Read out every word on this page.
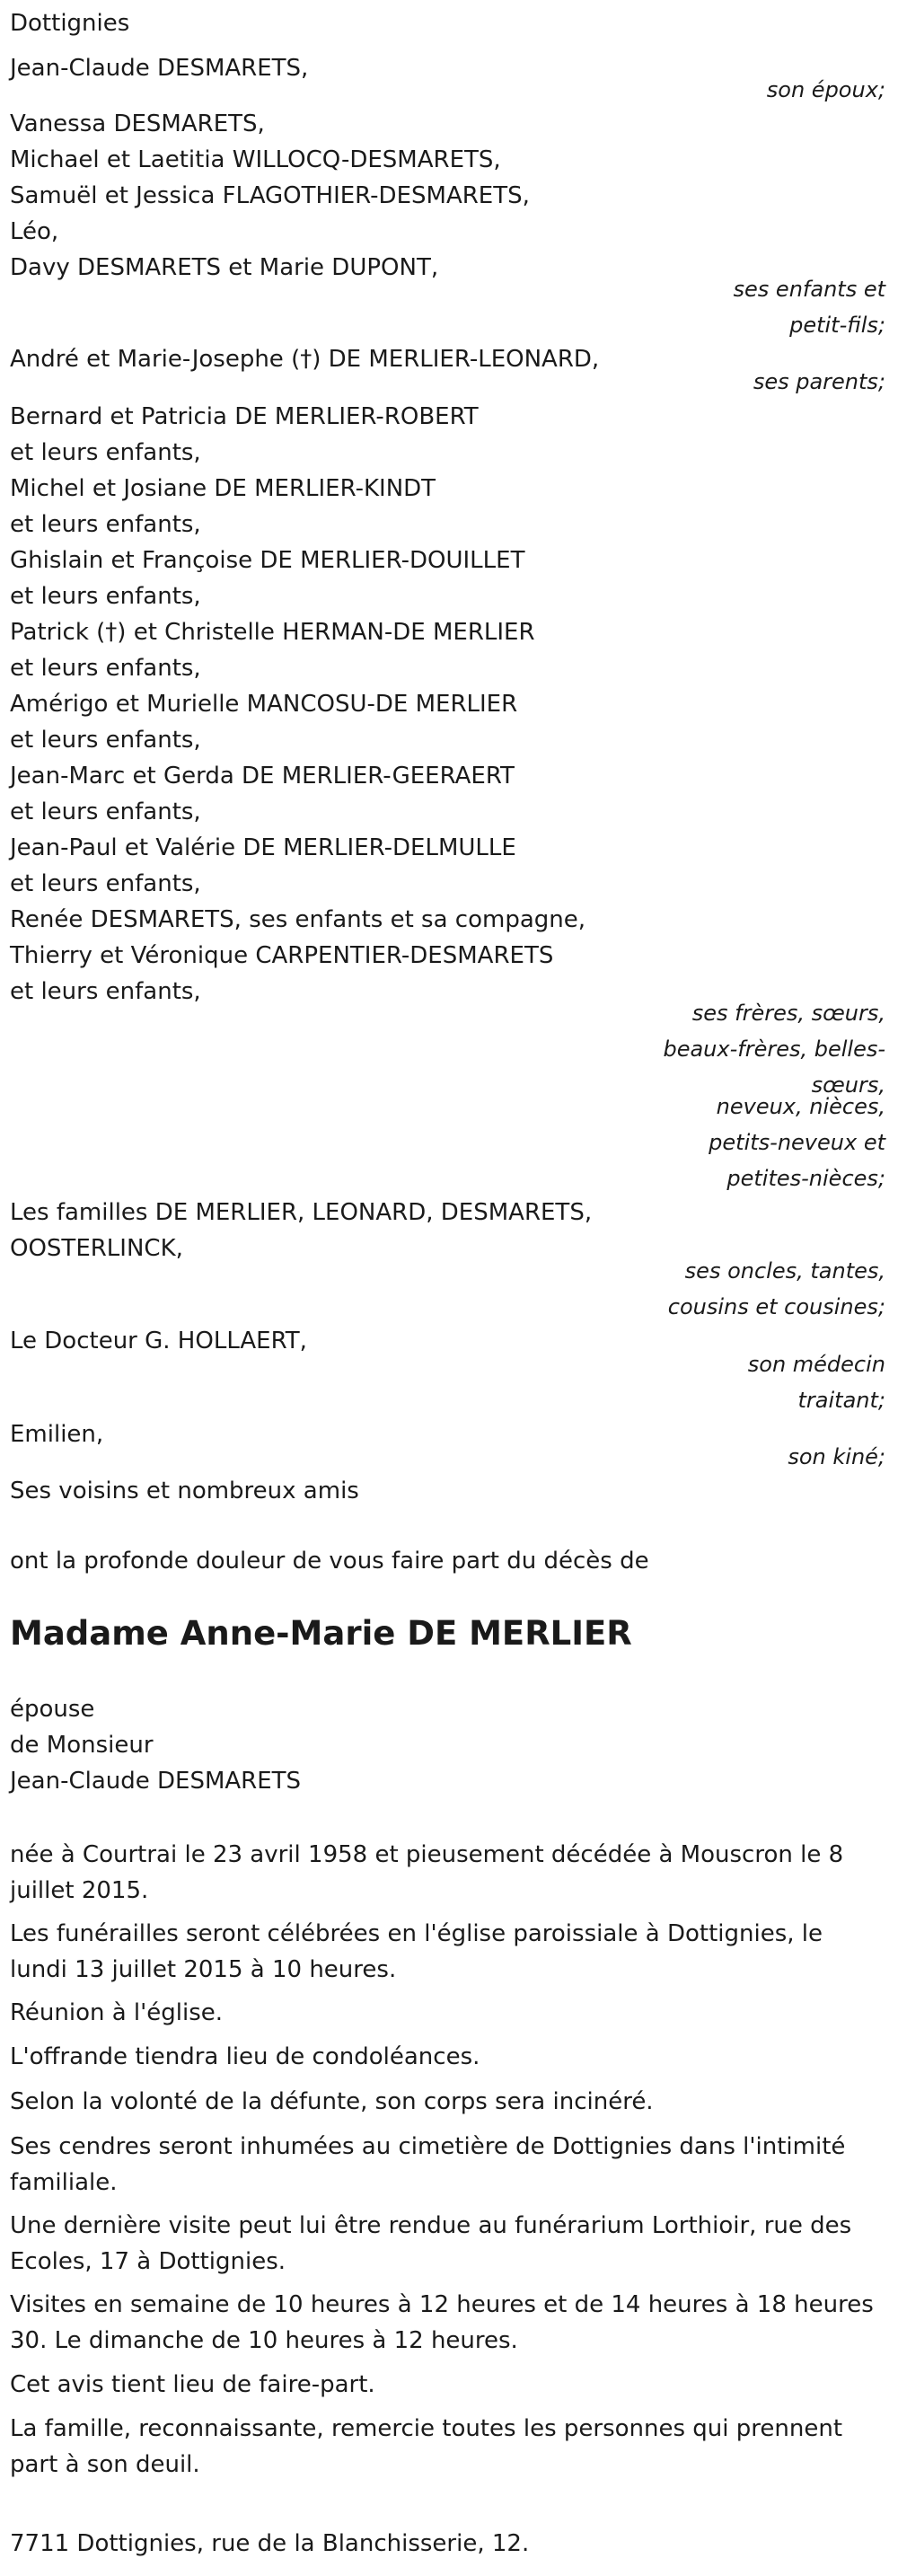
Dottignies
Jean-Claude DESMARETS,
son époux;
Vanessa DESMARETS,
Michael et Laetitia WILLOCQ-DESMARETS,
Samuël et Jessica FLAGOTHIER-DESMARETS,
Léo,
Davy DESMARETS et Marie DUPONT,
ses enfants et
petit-fils;
André et Marie-Josephe (†) DE MERLIER-LEONARD,
ses parents;
Bernard et Patricia DE MERLIER-ROBERT
et leurs enfants,
Michel et Josiane DE MERLIER-KINDT
et leurs enfants,
Ghislain et Françoise DE MERLIER-DOUILLET
et leurs enfants,
Patrick (†) et Christelle HERMAN-DE MERLIER
et leurs enfants,
Amérigo et Murielle MANCOSU-DE MERLIER
et leurs enfants,
Jean-Marc et Gerda DE MERLIER-GEERAERT
et leurs enfants,
Jean-Paul et Valérie DE MERLIER-DELMULLE
et leurs enfants,
Renée DESMARETS, ses enfants et sa compagne,
Thierry et Véronique CARPENTIER-DESMARETS
et leurs enfants,
ses frères, sœurs,
beaux-frères, belles-
sœurs,
neveux, nièces,
petits-neveux et
petites-nièces;
Les familles DE MERLIER, LEONARD, DESMARETS,
OOSTERLINCK,
ses oncles, tantes,
cousins et cousines;
Le Docteur G. HOLLAERT,
son médecin
traitant;
Emilien,
son kiné;
Ses voisins et nombreux amis
ont la profonde douleur de vous faire part du décès de
Madame Anne-Marie DE MERLIER
épouse
de Monsieur
Jean-Claude DESMARETS
née à Courtrai le 23 avril 1958 et pieusement décédée à Mouscron le 8
juillet 2015.
Les funérailles seront célébrées en l'église paroissiale à Dottignies, le
lundi 13 juillet 2015 à 10 heures.
Réunion à l'église.
L'offrande tiendra lieu de condoléances.
Selon la volonté de la défunte, son corps sera incinéré.
Ses cendres seront inhumées au cimetière de Dottignies dans l'intimité
familiale.
Une dernière visite peut lui être rendue au funérarium Lorthioir, rue des
Ecoles, 17 à Dottignies.
Visites en semaine de 10 heures à 12 heures et de 14 heures à 18 heures
30. Le dimanche de 10 heures à 12 heures.
Cet avis tient lieu de faire-part.
La famille, reconnaissante, remercie toutes les personnes qui prennent
part à son deuil.
7711 Dottignies, rue de la Blanchisserie, 12.
